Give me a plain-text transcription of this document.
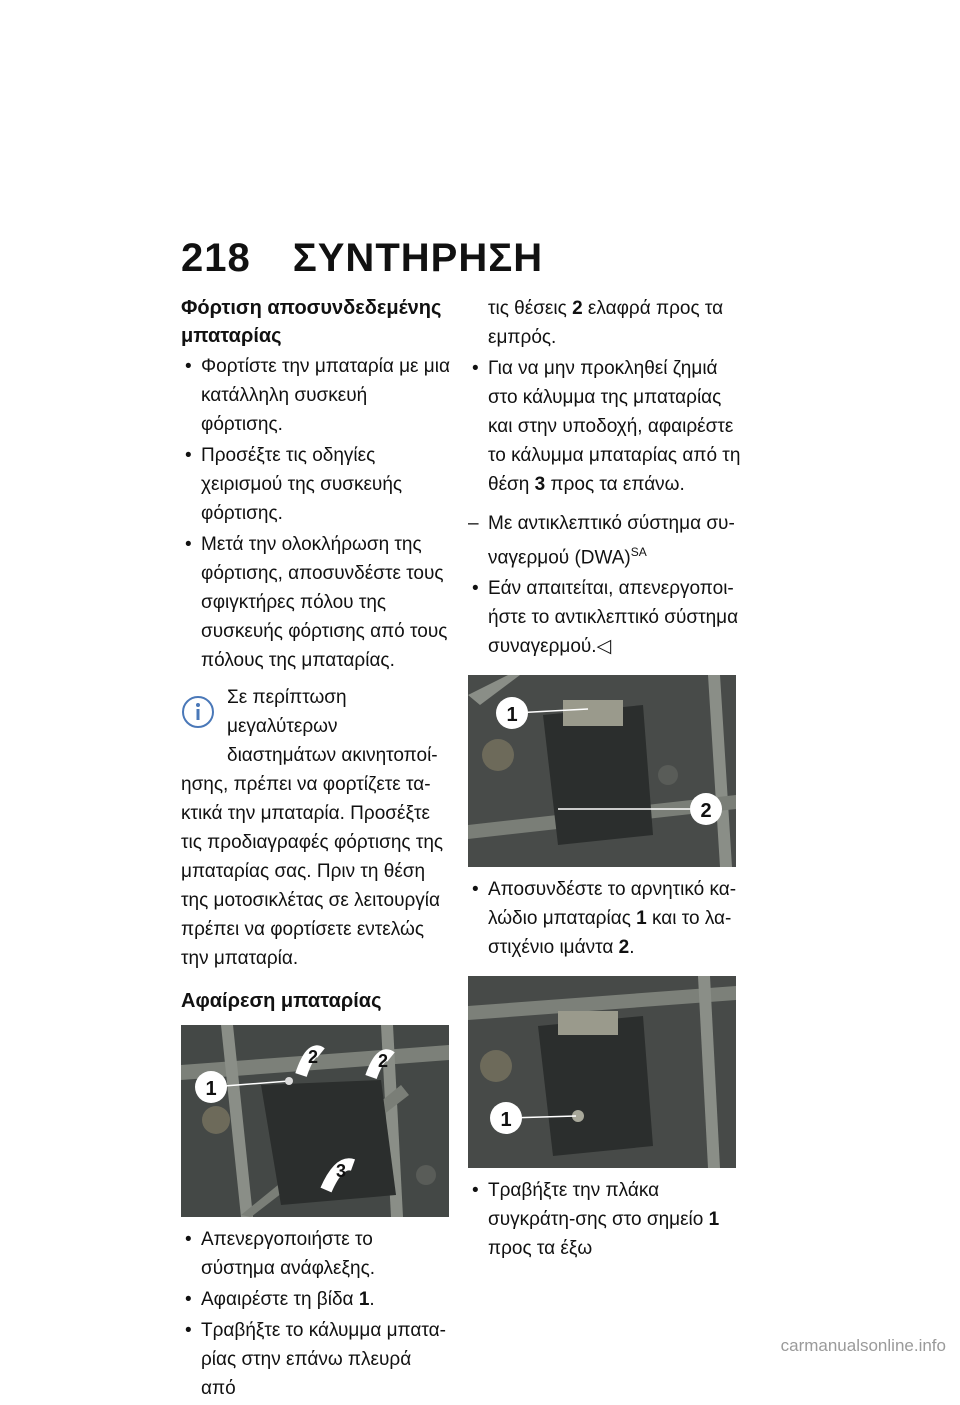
218 ΣΥΝΤΗΡΗΣΗ

Φόρτιση αποσυνδεδεμένης μπαταρίας

• Φορτίστε την μπαταρία με μια κατάλληλη συσκευή φόρτισης.
• Προσέξτε τις οδηγίες χειρισμού της συσκευής φόρτισης.
• Μετά την ολοκλήρωση της φόρτισης, αποσυνδέστε τους σφιγκτήρες πόλου της συσκευής φόρτισης από τους πόλους της μπαταρίας.
Σε περίπτωση μεγαλύτερων διαστημάτων ακινητοποί-
ησης, πρέπει να φορτίζετε τα-κτικά την μπαταρία. Προσέξτε τις προδιαγραφές φόρτισης της μπαταρίας σας. Πριν τη θέση της μοτοσικλέτας σε λειτουργία πρέπει να φορτίσετε εντελώς την μπαταρία.

Αφαίρεση μπαταρίας

1
2	2
3
• Απενεργοποιήστε το σύστημα ανάφλεξης.
• Αφαιρέστε τη βίδα 1.
• Τραβήξτε το κάλυμμα μπατα-ρίας στην επάνω πλευρά από
τις θέσεις 2 ελαφρά προς τα εμπρός.
• Για να μην προκληθεί ζημιά στο κάλυμμα της μπαταρίας και στην υποδοχή, αφαιρέστε το κάλυμμα μπαταρίας από τη θέση 3 προς τα επάνω.
– Με αντικλεπτικό σύστημα συ-ναγερμού (DWA)$^{SA}$
• Εάν απαιτείται, απενεργοποι-ήστε το αντικλεπτικό σύστημα συναγερμού.◁
1
2
• Αποσυνδέστε το αρνητικό κα-λώδιο μπαταρίας 1 και το λα-στιχένιο ιμάντα 2.
1
• Τραβήξτε την πλάκα συγκράτη-σης στο σημείο 1 προς τα έξω
carmanualsonline.info
